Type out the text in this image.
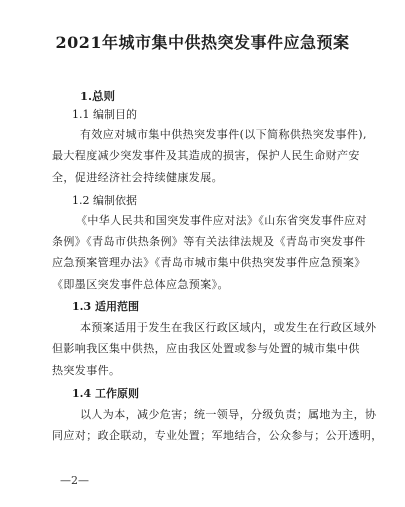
2021年城市集中供热突发事件应急预案
1.总则
1.1 编制目的
有效应对城市集中供热突发事件(以下简称供热突发事件),
最大程度减少突发事件及其造成的损害，保护人民生命财产安
全，促进经济社会持续健康发展。
1.2 编制依据
《中华人民共和国突发事件应对法》《山东省突发事件应对
条例》《青岛市供热条例》等有关法律法规及《青岛市突发事件
应急预案管理办法》《青岛市城市集中供热突发事件应急预案》
《即墨区突发事件总体应急预案》。
1.3 适用范围
本预案适用于发生在我区行政区域内，或发生在行政区域外
但影响我区集中供热，应由我区处置或参与处置的城市集中供
热突发事件。
1.4 工作原则
以人为本，减少危害；统一领导，分级负责；属地为主，协
同应对；政企联动，专业处置；军地结合，公众参与；公开透明，
—2—
